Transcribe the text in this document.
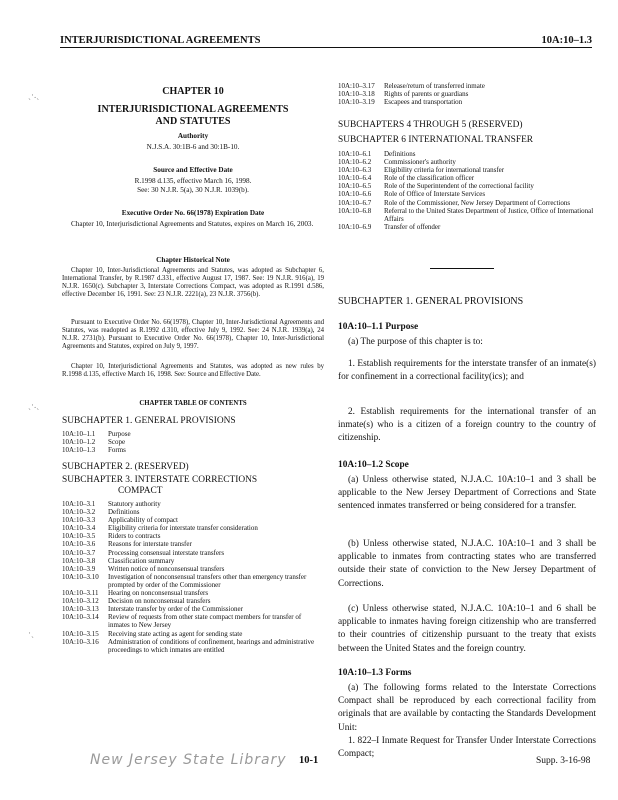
INTERJURISDICTIONAL AGREEMENTS	10A:10–1.3
ˎ·.ˏ
ˎ·.ˏ
·ˏ

CHAPTER 10

INTERJURISDICTIONAL AGREEMENTS

AND STATUTES

Authority

N.J.S.A. 30:1B-6 and 30:1B-10.

Source and Effective Date

R.1998 d.135, effective March 16, 1998.

See: 30 N.J.R. 5(a), 30 N.J.R. 1039(b).

Executive Order No. 66(1978) Expiration Date

Chapter 10, Interjurisdictional Agreements and Statutes, expires on March 16, 2003.

Chapter Historical Note

Chapter 10, Inter-Jurisdictional Agreements and Statutes, was adopted as Subchapter 6, International Transfer, by R.1987 d.331, effective August 17, 1987. See: 19 N.J.R. 916(a), 19 N.J.R. 1650(c). Subchapter 3, Interstate Corrections Compact, was adopted as R.1991 d.586, effective December 16, 1991. See: 23 N.J.R. 2221(a), 23 N.J.R. 3756(b).

Pursuant to Executive Order No. 66(1978), Chapter 10, Inter-Jurisdictional Agreements and Statutes, was readopted as R.1992 d.310, effective July 9, 1992. See: 24 N.J.R. 1939(a), 24 N.J.R. 2731(b). Pursuant to Executive Order No. 66(1978), Chapter 10, Inter-Jurisdictional Agreements and Statutes, expired on July 9, 1997.

Chapter 10, Interjurisdictional Agreements and Statutes, was adopted as new rules by R.1998 d.135, effective March 16, 1998. See: Source and Effective Date.

CHAPTER TABLE OF CONTENTS

SUBCHAPTER 1. GENERAL PROVISIONS

10A:10–1.1	Purpose
10A:10–1.2	Scope
10A:10–1.3	Forms

SUBCHAPTER 2. (RESERVED)

SUBCHAPTER 3. INTERSTATE CORRECTIONS

COMPACT

10A:10–3.1	Statutory authority
10A:10–3.2	Definitions
10A:10–3.3	Applicability of compact
10A:10–3.4	Eligibility criteria for interstate transfer consideration
10A:10–3.5	Riders to contracts
10A:10–3.6	Reasons for interstate transfer
10A:10–3.7	Processing consensual interstate transfers
10A:10–3.8	Classification summary
10A:10–3.9	Written notice of nonconsensual transfers
10A:10–3.10	Investigation of nonconsensual transfers other than emergency transfer prompted by order of the Commissioner
10A:10–3.11	Hearing on nonconsensual transfers
10A:10–3.12	Decision on nonconsensual transfers
10A:10–3.13	Interstate transfer by order of the Commissioner
10A:10–3.14	Review of requests from other state compact members for transfer of inmates to New Jersey
10A:10–3.15	Receiving state acting as agent for sending state
10A:10–3.16	Administration of conditions of confinement, hearings and administrative proceedings to which inmates are entitled
10A:10–3.17	Release/return of transferred inmate
10A:10–3.18	Rights of parents or guardians
10A:10–3.19	Escapees and transportation

SUBCHAPTERS 4 THROUGH 5 (RESERVED)

SUBCHAPTER 6 INTERNATIONAL TRANSFER

10A:10–6.1	Definitions
10A:10–6.2	Commissioner's authority
10A:10–6.3	Eligibility criteria for international transfer
10A:10–6.4	Role of the classification officer
10A:10–6.5	Role of the Superintendent of the correctional facility
10A:10–6.6	Role of Office of Interstate Services
10A:10–6.7	Role of the Commissioner, New Jersey Department of Corrections
10A:10–6.8	Referral to the United States Department of Justice, Office of International Affairs
10A:10–6.9	Transfer of offender

SUBCHAPTER 1. GENERAL PROVISIONS

10A:10–1.1 Purpose

(a) The purpose of this chapter is to:

1. Establish requirements for the interstate transfer of an inmate(s) for confinement in a correctional facility(ics); and

2. Establish requirements for the international transfer of an inmate(s) who is a citizen of a foreign country to the country of citizenship.

10A:10–1.2 Scope

(a) Unless otherwise stated, N.J.A.C. 10A:10–1 and 3 shall be applicable to the New Jersey Department of Corrections and State sentenced inmates transferred or being considered for a transfer.

(b) Unless otherwise stated, N.J.A.C. 10A:10–1 and 3 shall be applicable to inmates from contracting states who are transferred outside their state of conviction to the New Jersey Department of Corrections.

(c) Unless otherwise stated, N.J.A.C. 10A:10–1 and 6 shall be applicable to inmates having foreign citizenship who are transferred to their countries of citizenship pursuant to the treaty that exists between the United States and the foreign country.

10A:10–1.3 Forms

(a) The following forms related to the Interstate Corrections Compact shall be reproduced by each correctional facility from originals that are available by contacting the Standards Development Unit:

1. 822–I Inmate Request for Transfer Under Interstate Corrections Compact;

New Jersey State Library 10-1	Supp. 3-16-98
